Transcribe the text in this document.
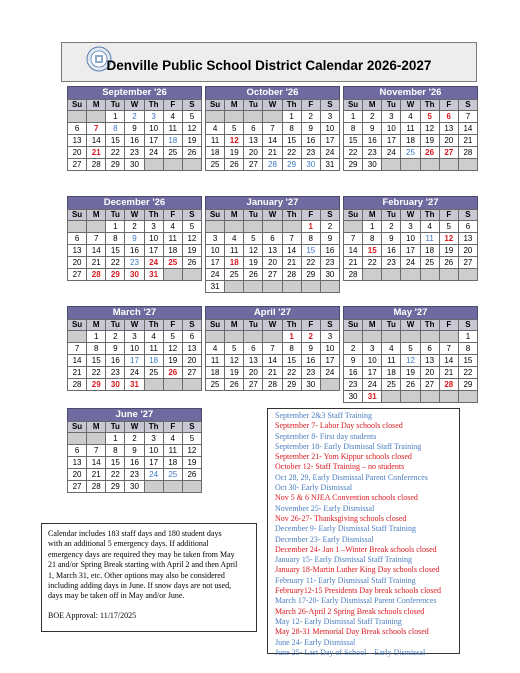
Denville Public School District Calendar 2026-2027
September '26
Su	M	Tu	W	Th	F	S
		1	2	3	4	5
6	7	8	9	10	11	12
13	14	15	16	17	18	19
20	21	22	23	24	25	26
27	28	29	30			
October '26
Su	M	Tu	W	Th	F	S
				1	2	3
4	5	6	7	8	9	10
11	12	13	14	15	16	17
18	19	20	21	22	23	24
25	26	27	28	29	30	31
November '26
Su	M	Tu	W	Th	F	S
1	2	3	4	5	6	7
8	9	10	11	12	13	14
15	16	17	18	19	20	21
22	23	24	25	26	27	28
29	30					
December '26
Su	M	Tu	W	Th	F	S
		1	2	3	4	5
6	7	8	9	10	11	12
13	14	15	16	17	18	19
20	21	22	23	24	25	26
27	28	29	30	31		
January '27
Su	M	Tu	W	Th	F	S
					1	2
3	4	5	6	7	8	9
10	11	12	13	14	15	16
17	18	19	20	21	22	23
24	25	26	27	28	29	30
31						
February '27
Su	M	Tu	W	Th	F	S
	1	2	3	4	5	6
7	8	9	10	11	12	13
14	15	16	17	18	19	20
21	22	23	24	25	26	27
28						
March '27
Su	M	Tu	W	Th	F	S
	1	2	3	4	5	6
7	8	9	10	11	12	13
14	15	16	17	18	19	20
21	22	23	24	25	26	27
28	29	30	31			
April '27
Su	M	Tu	W	Th	F	S
				1	2	3
4	5	6	7	8	9	10
11	12	13	14	15	16	17
18	19	20	21	22	23	24
25	26	27	28	29	30	
May '27
Su	M	Tu	W	Th	F	S
						1
2	3	4	5	6	7	8
9	10	11	12	13	14	15
16	17	18	19	20	21	22
23	24	25	26	27	28	29
30	31					
June '27
Su	M	Tu	W	Th	F	S
		1	2	3	4	5
6	7	8	9	10	11	12
13	14	15	16	17	18	19
20	21	22	23	24	25	26
27	28	29	30			
September 2&3 Staff Training
September 7- Labor Day schools closed
September 8- First day students
September 18- Early Dismissal Staff Training
September 21- Yom Kippur schools closed
October 12- Staff Training – no students
Oct 28, 29, Early Dismissal Parent Conferences
Oct 30- Early Dismissal
Nov 5 & 6 NJEA Convention schools closed
November 25- Early Dismissal
Nov 26-27- Thanksgiving schools closed
December 9- Early Dismissal Staff Training
December 23- Early Dismissal
December 24- Jan 1 –Winter Break schools closed
January 15- Early Dismissal Staff Training
January 18-Martin Luther King Day schools closed
February 11- Early Dismissal Staff Training
February12-15 Presidents Day break schools closed
March 17-20- Early Dismissal Parent Conferences
March 26-April 2 Spring Break schools closed
May 12- Early Dismissal Staff Training
May 28-31 Memorial Day Break schools closed
June 24- Early Dismissal
June 25- Last Day of School – Early Dismissal

Calendar includes 183 staff days and 180 student days

with an additional 5 emergency days. If additional

emergency days are required they may be taken from May

21 and/or Spring Break starting with April 2 and then April

1, March 31, etc. Other options may also be considered

including adding days in June. If snow days are not used,

days may be taken off in May and/or June.

BOE Approval: 11/17/2025
